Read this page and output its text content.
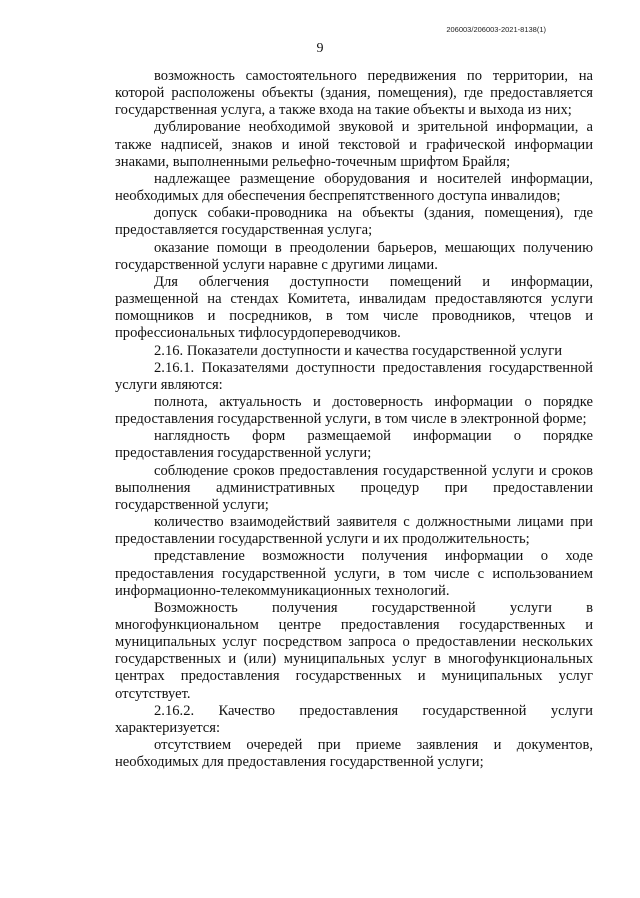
206003/206003-2021-8138(1)
9

возможность самостоятельного передвижения по территории, на которой расположены объекты (здания, помещения), где предоставляется государственная услуга, а также входа на такие объекты и выхода из них;

дублирование необходимой звуковой и зрительной информации, а также надписей, знаков и иной текстовой и графической информации знаками, выполненными рельефно-точечным шрифтом Брайля;

надлежащее размещение оборудования и носителей информации, необходимых для обеспечения беспрепятственного доступа инвалидов;

допуск собаки-проводника на объекты (здания, помещения), где предоставляется государственная услуга;

оказание помощи в преодолении барьеров, мешающих получению государственной услуги наравне с другими лицами.

Для облегчения доступности помещений и информации, размещенной на стендах Комитета, инвалидам предоставляются услуги помощников и посредников, в том числе проводников, чтецов и профессиональных тифлосурдопереводчиков.

2.16. Показатели доступности и качества государственной услуги

2.16.1. Показателями доступности предоставления государственной услуги являются:

полнота, актуальность и достоверность информации о порядке предоставления государственной услуги, в том числе в электронной форме;

наглядность форм размещаемой информации о порядке предоставления государственной услуги;

соблюдение сроков предоставления государственной услуги и сроков выполнения административных процедур при предоставлении государственной услуги;

количество взаимодействий заявителя с должностными лицами при предоставлении государственной услуги и их продолжительность;

представление возможности получения информации о ходе предоставления государственной услуги, в том числе с использованием информационно-телекоммуникационных технологий.

Возможность получения государственной услуги в многофункциональном центре предоставления государственных и муниципальных услуг посредством запроса о предоставлении нескольких государственных и (или) муниципальных услуг в многофункциональных центрах предоставления государственных и муниципальных услуг отсутствует.

2.16.2. Качество предоставления государственной услуги характеризуется:

отсутствием очередей при приеме заявления и документов, необходимых для предоставления государственной услуги;
